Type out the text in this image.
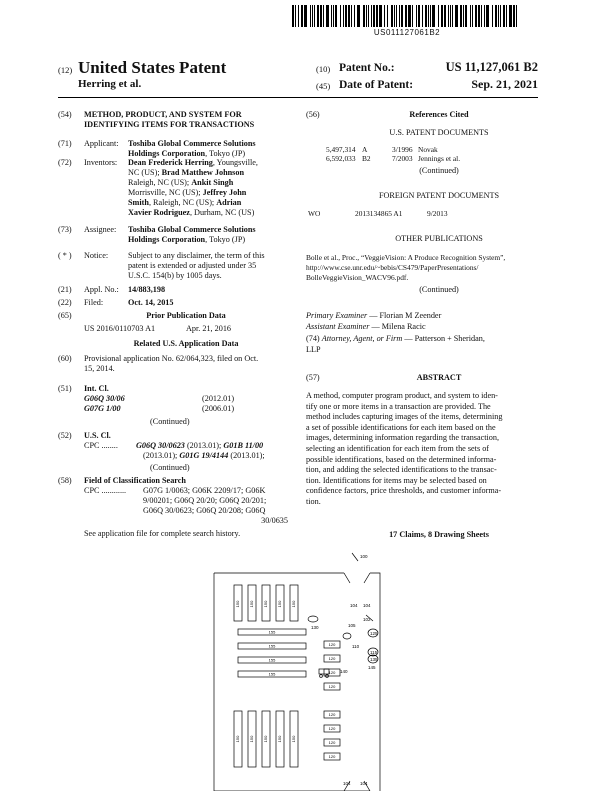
US011127061B2
(12) United States Patent
Herring et al.
(10) Patent No.:	US 11,127,061 B2
(45) Date of Patent:	Sep. 21, 2021
(54)	METHOD, PRODUCT, AND SYSTEM FOR
IDENTIFYING ITEMS FOR TRANSACTIONS
(71)	Applicant: Toshiba Global Commerce Solutions
Holdings Corporation, Tokyo (JP)
(72)	Inventors: Dean Frederick Herring, Youngsville,
NC (US); Brad Matthew Johnson
Raleigh, NC (US); Ankit Singh
Morrisville, NC (US); Jeffrey John
Smith, Raleigh, NC (US); Adrian
Xavier Rodriguez, Durham, NC (US)
(73)	Assignee: Toshiba Global Commerce Solutions
Holdings Corporation, Tokyo (JP)
( * )	Notice: Subject to any disclaimer, the term of this
patent is extended or adjusted under 35
U.S.C. 154(b) by 1005 days.
(21)	Appl. No.: 14/883,198
(22)	Filed:	Oct. 14, 2015
(65)	Prior Publication Data
US 2016/0110703 A1	Apr. 21, 2016
Related U.S. Application Data
(60)	Provisional application No. 62/064,323, filed on Oct.
15, 2014.
(51)	Int. Cl.
G06Q 30/06	(2012.01)
G07G 1/00	(2006.01)
(Continued)
(52)	U.S. Cl.
CPC ........ G06Q 30/0623 (2013.01); G01B 11/00
(2013.01); G01G 19/4144 (2013.01);
(Continued)
(58)	Field of Classification Search
CPC ............ G07G 1/0063; G06K 2209/17; G06K
9/00201; G06Q 20/20; G06Q 20/201;
G06Q 30/0623; G06Q 20/208; G06Q
30/0635
See application file for complete search history.
(56)	References Cited
U.S. PATENT DOCUMENTS
5,497,314 A	3/1996 Novak
6,592,033 B2	7/2003 Jennings et al.
(Continued)
FOREIGN PATENT DOCUMENTS
WO	2013134865 A1	9/2013
OTHER PUBLICATIONS
Bolle et al., Proc., “VeggieVision: A Produce Recognition System”,
http://www.cse.unr.edu/~bebis/CS479/PaperPresentations/
BolleVeggieVision_WACV96.pdf.
(Continued)
Primary Examiner — Florian M Zeender
Assistant Examiner — Milena Racic
(74) Attorney, Agent, or Firm — Patterson + Sheridan,
LLP
(57)	ABSTRACT
A method, computer program product, and system to iden-
tify one or more items in a transaction are provided. The
method includes capturing images of the items, determining
a set of possible identifications for each item based on the
images, determining information regarding the transaction,
selecting an identification for each item from the sets of
possible identifications, based on the determined informa-
tion, and adding the selected identifications to the transac-
tion. Identifications for items may be selected based on
confidence factors, price thresholds, and customer informa-
tion.
17 Claims, 8 Drawing Sheets
150 150 150 150 150
155
155
155
155
150 150 150 150 150
120
120
120
120
120
120
120
120
100
104 104
102
130	105
110
125
115
135
140
145
104 104
